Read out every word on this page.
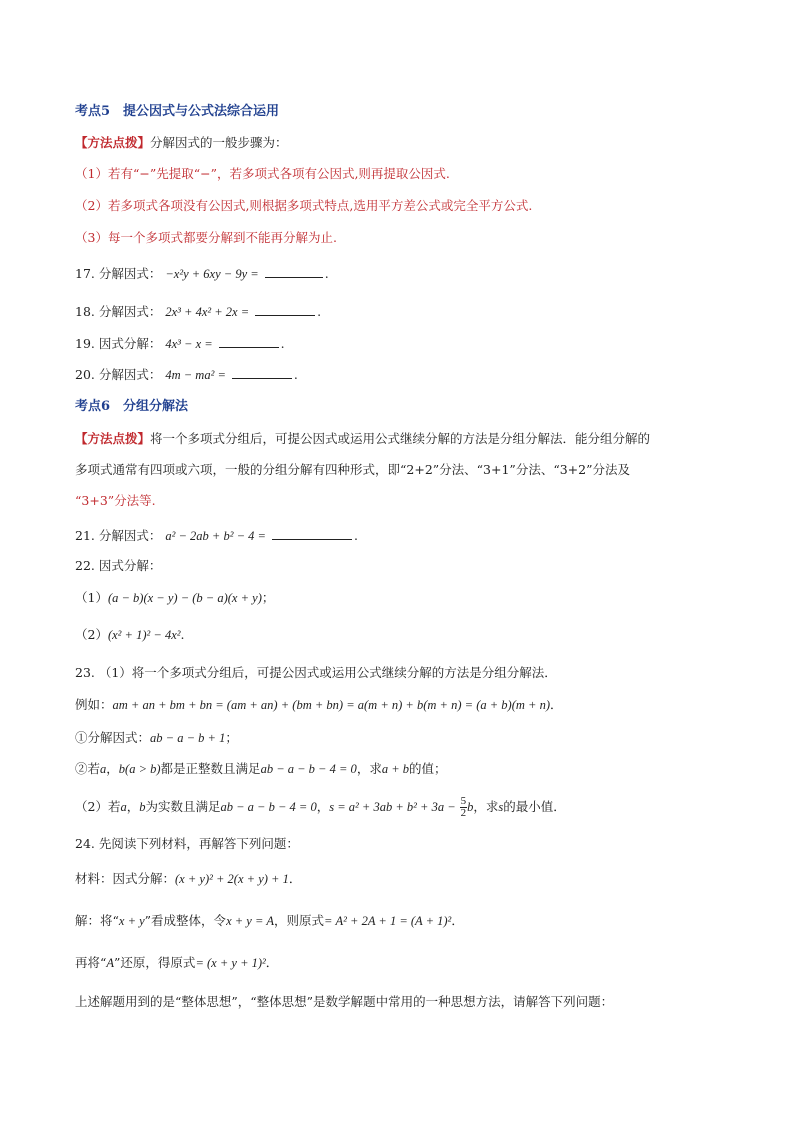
考点5　提公因式与公式法综合运用
【方法点拨】分解因式的一般步骤为：
（1）若有“−”先提取“−”，若多项式各项有公因式,则再提取公因式.
（2）若多项式各项没有公因式,则根据多项式特点,选用平方差公式或完全平方公式.
（3）每一个多项式都要分解到不能再分解为止.
17. 分解因式： −x²y + 6xy − 9y =	.
18. 分解因式： 2x³ + 4x² + 2x =	.
19. 因式分解： 4x³ − x =	.
20. 分解因式： 4m − ma² =	.
考点6　分组分解法
【方法点拨】将一个多项式分组后，可提公因式或运用公式继续分解的方法是分组分解法．能分组分解的
多项式通常有四项或六项，一般的分组分解有四种形式，即“2+2”分法、“3+1”分法、“3+2”分法及
“3+3”分法等.
21. 分解因式： a² − 2ab + b² − 4 =	.
22. 因式分解：
（1）(a − b)(x − y) − (b − a)(x + y)；
（2）(x² + 1)² − 4x².
23. （1）将一个多项式分组后，可提公因式或运用公式继续分解的方法是分组分解法．
例如：am + an + bm + bn = (am + an) + (bm + bn) = a(m + n) + b(m + n) = (a + b)(m + n)．
①分解因式：ab − a − b + 1；
②若a，b(a > b)都是正整数且满足ab − a − b − 4 = 0，求a + b的值；
（2）若a，b为实数且满足ab − a − b − 4 = 0，$s = a^2 + 3ab + b^2 + 3a - \frac{5}{2}$ b，求s的最小值．
24. 先阅读下列材料，再解答下列问题：
材料：因式分解：(x + y)² + 2(x + y) + 1．
解：将“x + y”看成整体，令x + y = A，则原式= A² + 2A + 1 = (A + 1)²．
再将“A”还原，得原式= (x + y + 1)²．
上述解题用到的是“整体思想”，“整体思想”是数学解题中常用的一种思想方法，请解答下列问题：
